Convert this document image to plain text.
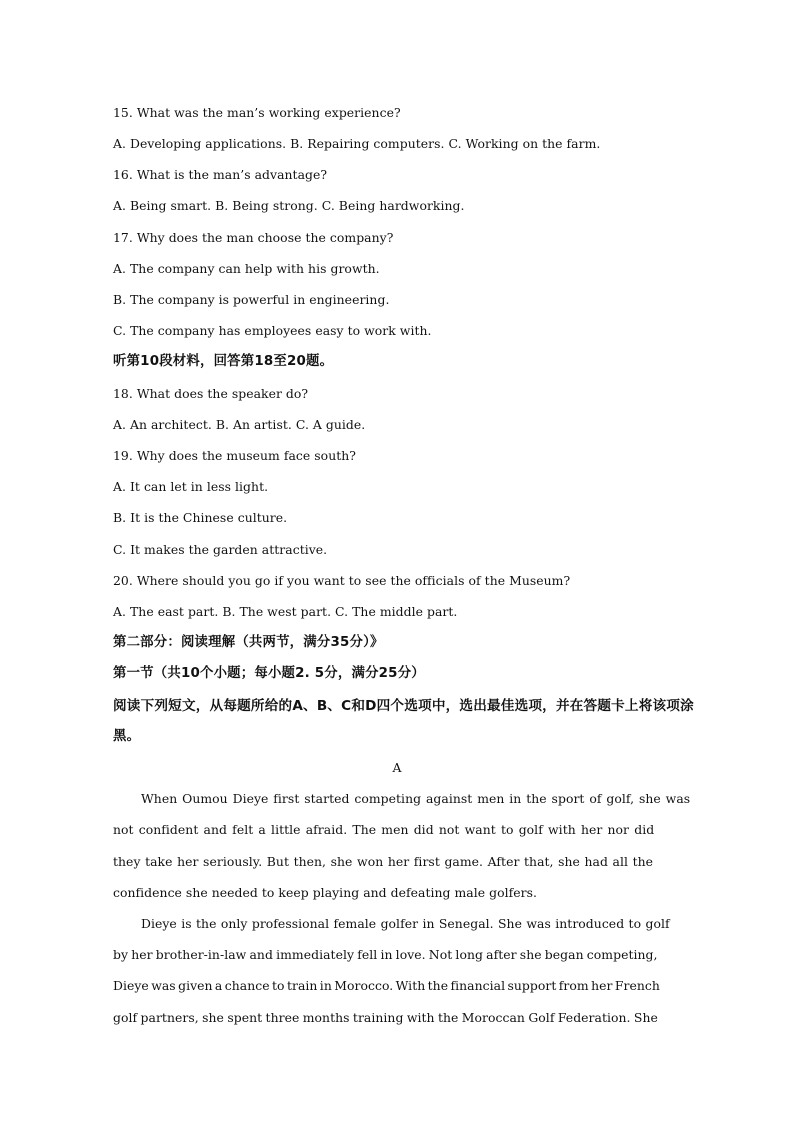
15. What was the man’s working experience?
A. Developing applications. B. Repairing computers. C. Working on the farm.
16. What is the man’s advantage?
A. Being smart. B. Being strong. C. Being hardworking.
17. Why does the man choose the company?
A. The company can help with his growth.
B. The company is powerful in engineering.
C. The company has employees easy to work with.
听第10段材料，回答第18至20题。
18. What does the speaker do?
A. An architect. B. An artist. C. A guide.
19. Why does the museum face south?
A. It can let in less light.
B. It is the Chinese culture.
C. It makes the garden attractive.
20. Where should you go if you want to see the officials of the Museum?
A. The east part. B. The west part. C. The middle part.
第二部分：阅读理解（共两节，满分35分）》
第一节（共10个小题；每小题2. 5分，满分25分）
阅读下列短文，从每题所给的A、B、C和D四个选项中，选出最佳选项，并在答题卡上将该项涂
黑。
A
When Oumou Dieye first started competing against men in the sport of golf, she was
not confident and felt a little afraid. The men did not want to golf with her nor did
they take her seriously. But then, she won her first game. After that, she had all the
confidence she needed to keep playing and defeating male golfers.
Dieye is the only professional female golfer in Senegal. She was introduced to golf
by her brother-in-law and immediately fell in love. Not long after she began competing,
Dieye was given a chance to train in Morocco. With the financial support from her French
golf partners, she spent three months training with the Moroccan Golf Federation. She
